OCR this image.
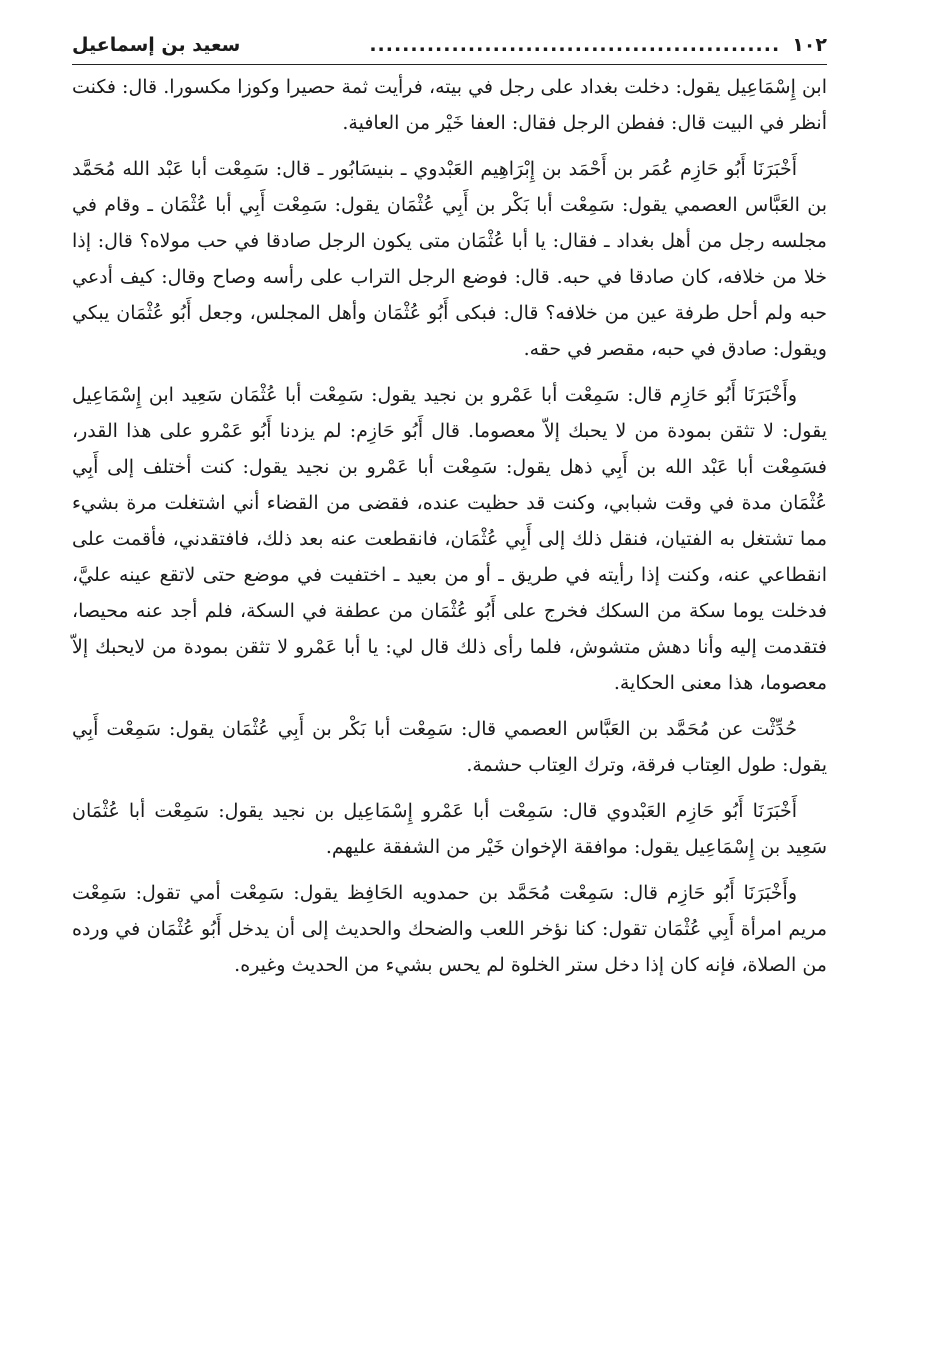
١٠٢
..................................................
سعيد بن إسماعيل

ابن إِسْمَاعِيل يقول: دخلت بغداد على رجل في بيته، فرأيت ثمة حصيرا وكوزا مكسورا. قال: فكنت أنظر في البيت قال: ففطن الرجل فقال: العفا خَيْر من العافية.

أَخْبَرَنَا أَبُو حَازِم عُمَر بن أَحْمَد بن إِبْرَاهِيم العَبْدوي ـ بنيسَابُور ـ قال: سَمِعْت أبا عَبْد الله مُحَمَّد بن العَبَّاس العصمي يقول: سَمِعْت أبا بَكْر بن أَبِي عُثْمَان يقول: سَمِعْت أَبِي أبا عُثْمَان ـ وقام في مجلسه رجل من أهل بغداد ـ فقال: يا أبا عُثْمَان متى يكون الرجل صادقا في حب مولاه؟ قال: إذا خلا من خلافه، كان صادقا في حبه. قال: فوضع الرجل التراب على رأسه وصاح وقال: كيف أدعي حبه ولم أحل طرفة عين من خلافه؟ قال: فبكى أَبُو عُثْمَان وأهل المجلس، وجعل أَبُو عُثْمَان يبكي ويقول: صادق في حبه، مقصر في حقه.

وأَخْبَرَنَا أَبُو حَازِم قال: سَمِعْت أبا عَمْرو بن نجيد يقول: سَمِعْت أبا عُثْمَان سَعِيد ابن إِسْمَاعِيل يقول: لا تثقن بمودة من لا يحبك إلاّ معصوما. قال أَبُو حَازِم: لم يزدنا أَبُو عَمْرو على هذا القدر، فسَمِعْت أبا عَبْد الله بن أَبِي ذهل يقول: سَمِعْت أبا عَمْرو بن نجيد يقول: كنت أختلف إلى أَبِي عُثْمَان مدة في وقت شبابي، وكنت قد حظيت عنده، فقضى من القضاء أني اشتغلت مرة بشيء مما تشتغل به الفتيان، فنقل ذلك إلى أَبِي عُثْمَان، فانقطعت عنه بعد ذلك، فافتقدني، فأقمت على انقطاعي عنه، وكنت إذا رأيته في طريق ـ أو من بعيد ـ اختفيت في موضع حتى لاتقع عينه عليَّ، فدخلت يوما سكة من السكك فخرج على أَبُو عُثْمَان من عطفة في السكة، فلم أجد عنه محيصا، فتقدمت إليه وأنا دهش متشوش، فلما رأى ذلك قال لي: يا أبا عَمْرو لا تثقن بمودة من لايحبك إلاّ معصوما، هذا معنى الحكاية.

حُدِّثْت عن مُحَمَّد بن العَبَّاس العصمي قال: سَمِعْت أبا بَكْر بن أَبِي عُثْمَان يقول: سَمِعْت أَبِي يقول: طول العِتاب فرقة، وترك العِتاب حشمة.

أَخْبَرَنَا أَبُو حَازِم العَبْدوي قال: سَمِعْت أبا عَمْرو إِسْمَاعِيل بن نجيد يقول: سَمِعْت أبا عُثْمَان سَعِيد بن إِسْمَاعِيل يقول: موافقة الإخوان خَيْر من الشفقة عليهم.

وأَخْبَرَنَا أَبُو حَازِم قال: سَمِعْت مُحَمَّد بن حمدويه الحَافِظ يقول: سَمِعْت أمي تقول: سَمِعْت مريم امرأة أَبِي عُثْمَان تقول: كنا نؤخر اللعب والضحك والحديث إلى أن يدخل أَبُو عُثْمَان في ورده من الصلاة، فإنه كان إذا دخل ستر الخلوة لم يحس بشيء من الحديث وغيره.
